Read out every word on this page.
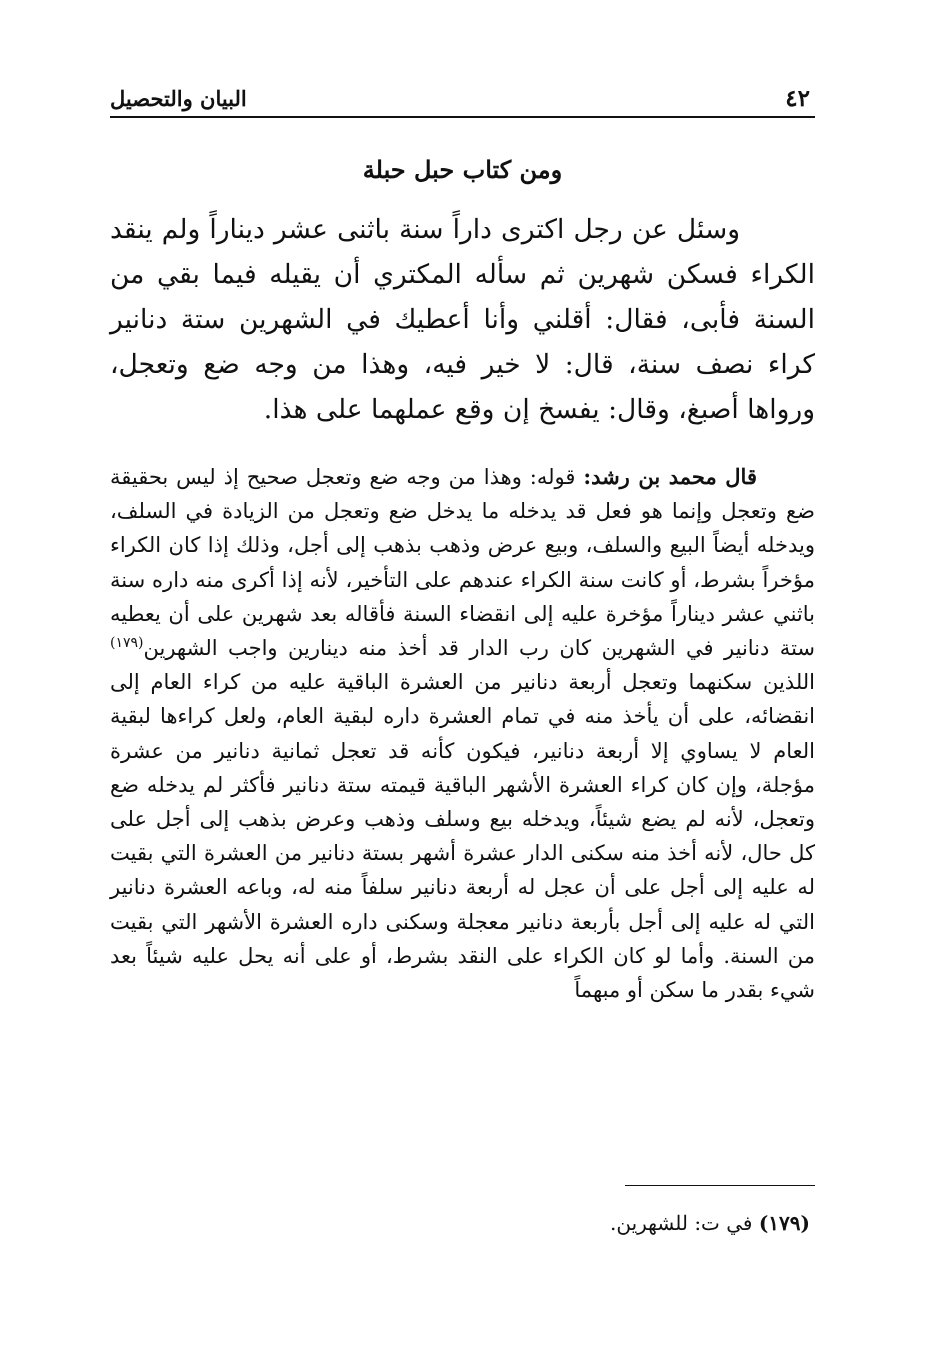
٤٢
البيان والتحصيل
ومن كتاب حبل حبلة

وسئل عن رجل اكترى داراً سنة باثنى عشر ديناراً ولم ينقد الكراء فسكن شهرين ثم سأله المكتري أن يقيله فيما بقي من السنة فأبى، فقال: أقلني وأنا أعطيك في الشهرين ستة دنانير كراء نصف سنة، قال: لا خير فيه، وهذا من وجه ضع وتعجل، ورواها أصبغ، وقال: يفسخ إن وقع عملهما على هذا.

قال محمد بن رشد: قوله: وهذا من وجه ضع وتعجل صحيح إذ ليس بحقيقة ضع وتعجل وإنما هو فعل قد يدخله ما يدخل ضع وتعجل من الزيادة في السلف، ويدخله أيضاً البيع والسلف، وبيع عرض وذهب بذهب إلى أجل، وذلك إذا كان الكراء مؤخراً بشرط، أو كانت سنة الكراء عندهم على التأخير، لأنه إذا أكرى منه داره سنة باثني عشر ديناراً مؤخرة عليه إلى انقضاء السنة فأقاله بعد شهرين على أن يعطيه ستة دنانير في الشهرين كان رب الدار قد أخذ منه دينارين واجب الشهرين$^{(١٧٩)}$ اللذين سكنهما وتعجل أربعة دنانير من العشرة الباقية عليه من كراء العام إلى انقضائه، على أن يأخذ منه في تمام العشرة داره لبقية العام، ولعل كراءها لبقية العام لا يساوي إلا أربعة دنانير، فيكون كأنه قد تعجل ثمانية دنانير من عشرة مؤجلة، وإن كان كراء العشرة الأشهر الباقية قيمته ستة دنانير فأكثر لم يدخله ضع وتعجل، لأنه لم يضع شيئاً، ويدخله بيع وسلف وذهب وعرض بذهب إلى أجل على كل حال، لأنه أخذ منه سكنى الدار عشرة أشهر بستة دنانير من العشرة التي بقيت له عليه إلى أجل على أن عجل له أربعة دنانير سلفاً منه له، وباعه العشرة دنانير التي له عليه إلى أجل بأربعة دنانير معجلة وسكنى داره العشرة الأشهر التي بقيت من السنة. وأما لو كان الكراء على النقد بشرط، أو على أنه يحل عليه شيئاً بعد شيء بقدر ما سكن أو مبهماً

(١٧٩) في ت: للشهرين.
